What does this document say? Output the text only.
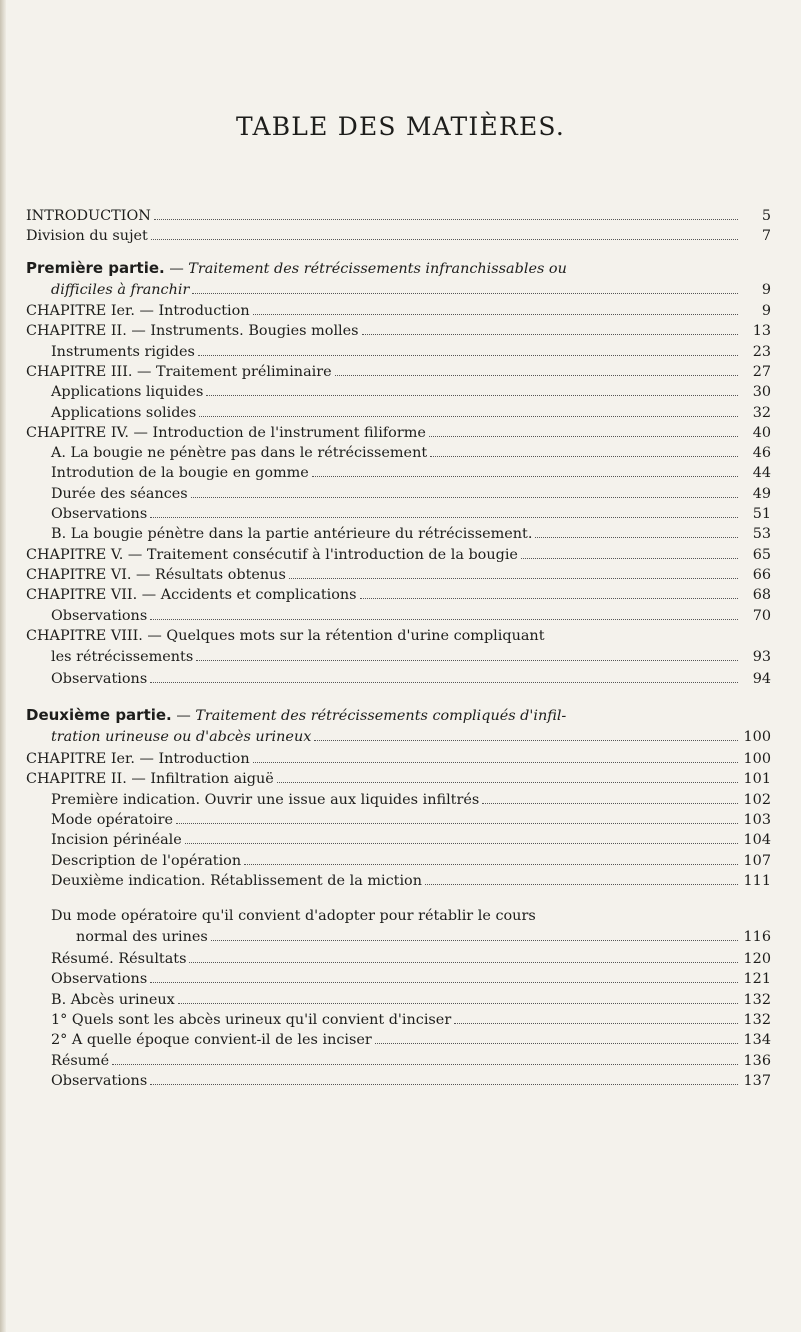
TABLE DES MATIÈRES.
INTRODUCTION	5
Division du sujet	7
Première partie. — Traitement des rétrécissements infranchissables ou
difficiles à franchir	9
CHAPITRE Ier. — Introduction	9
CHAPITRE II. — Instruments. Bougies molles	13
Instruments rigides	23
CHAPITRE III. — Traitement préliminaire	27
Applications liquides	30
Applications solides	32
CHAPITRE IV. — Introduction de l'instrument filiforme	40
A. La bougie ne pénètre pas dans le rétrécissement	46
Introdution de la bougie en gomme	44
Durée des séances	49
Observations	51
B. La bougie pénètre dans la partie antérieure du rétrécissement.	53
CHAPITRE V. — Traitement consécutif à l'introduction de la bougie	65
CHAPITRE VI. — Résultats obtenus	66
CHAPITRE VII. — Accidents et complications	68
Observations	70
CHAPITRE VIII. — Quelques mots sur la rétention d'urine compliquant
les rétrécissements	93
Observations	94
Deuxième partie. — Traitement des rétrécissements compliqués d'infil-
tration urineuse ou d'abcès urineux	100
CHAPITRE Ier. — Introduction	100
CHAPITRE II. — Infiltration aiguë	101
Première indication. Ouvrir une issue aux liquides infiltrés	102
Mode opératoire	103
Incision périnéale	104
Description de l'opération	107
Deuxième indication. Rétablissement de la miction	111
Du mode opératoire qu'il convient d'adopter pour rétablir le cours
normal des urines	116
Résumé. Résultats	120
Observations	121
B. Abcès urineux	132
1° Quels sont les abcès urineux qu'il convient d'inciser	132
2° A quelle époque convient-il de les inciser	134
Résumé	136
Observations	137
